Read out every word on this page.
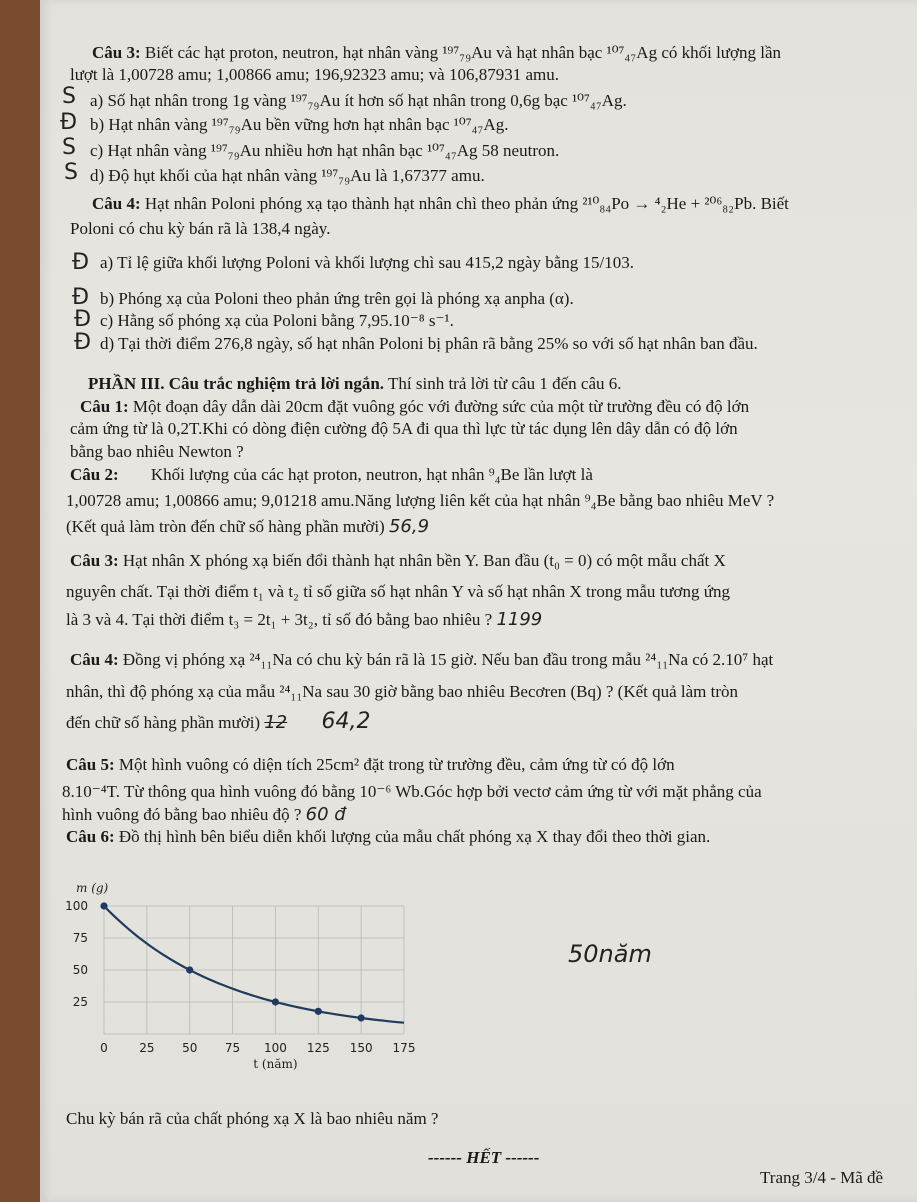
Câu 3: Biết các hạt proton, neutron, hạt nhân vàng ¹⁹⁷₇₉Au và hạt nhân bạc ¹⁰⁷₄₇Ag có khối lượng lần
lượt là 1,00728 amu; 1,00866 amu; 196,92323 amu; và 106,87931 amu.
a) Số hạt nhân trong 1g vàng ¹⁹⁷₇₉Au ít hơn số hạt nhân trong 0,6g bạc ¹⁰⁷₄₇Ag.
b) Hạt nhân vàng ¹⁹⁷₇₉Au bền vững hơn hạt nhân bạc ¹⁰⁷₄₇Ag.
c) Hạt nhân vàng ¹⁹⁷₇₉Au nhiều hơn hạt nhân bạc ¹⁰⁷₄₇Ag 58 neutron.
d) Độ hụt khối của hạt nhân vàng ¹⁹⁷₇₉Au là 1,67377 amu.
S
Đ
S
S
Câu 4: Hạt nhân Poloni phóng xạ tạo thành hạt nhân chì theo phản ứng ²¹⁰₈₄Po → ⁴₂He + ²⁰⁶₈₂Pb. Biết
Poloni có chu kỳ bán rã là 138,4 ngày.
a) Tỉ lệ giữa khối lượng Poloni và khối lượng chì sau 415,2 ngày bằng 15/103.
b) Phóng xạ của Poloni theo phản ứng trên gọi là phóng xạ anpha (α).
c) Hằng số phóng xạ của Poloni bằng 7,95.10⁻⁸ s⁻¹.
d) Tại thời điểm 276,8 ngày, số hạt nhân Poloni bị phân rã bằng 25% so với số hạt nhân ban đầu.
Đ
Đ
Đ
Đ
PHẦN III. Câu trắc nghiệm trả lời ngắn. Thí sinh trả lời từ câu 1 đến câu 6.
Câu 1: Một đoạn dây dẫn dài 20cm đặt vuông góc với đường sức của một từ trường đều có độ lớn
cảm ứng từ là 0,2T.Khi có dòng điện cường độ 5A đi qua thì lực từ tác dụng lên dây dẫn có độ lớn
bằng bao nhiêu Newton ?
Câu 2: Khối lượng của các hạt proton, neutron, hạt nhân ⁹₄Be lần lượt là
1,00728 amu; 1,00866 amu; 9,01218 amu.Năng lượng liên kết của hạt nhân ⁹₄Be bằng bao nhiêu MeV ?
(Kết quả làm tròn đến chữ số hàng phần mười) 56,9
Câu 3: Hạt nhân X phóng xạ biến đổi thành hạt nhân bền Y. Ban đầu (t₀ = 0) có một mẫu chất X
nguyên chất. Tại thời điểm t₁ và t₂ tỉ số giữa số hạt nhân Y và số hạt nhân X trong mẫu tương ứng
là 3 và 4. Tại thời điểm t₃ = 2t₁ + 3t₂, tỉ số đó bằng bao nhiêu ? 1199
Câu 4: Đồng vị phóng xạ ²⁴₁₁Na có chu kỳ bán rã là 15 giờ. Nếu ban đầu trong mẫu ²⁴₁₁Na có 2.10⁷ hạt
nhân, thì độ phóng xạ của mẫu ²⁴₁₁Na sau 30 giờ bằng bao nhiêu Becơren (Bq) ? (Kết quả làm tròn
đến chữ số hàng phần mười) 12 64,2
Câu 5: Một hình vuông có diện tích 25cm² đặt trong từ trường đều, cảm ứng từ có độ lớn
8.10⁻⁴T. Từ thông qua hình vuông đó bằng 10⁻⁶ Wb.Góc hợp bởi vectơ cảm ứng từ với mặt phẳng của
hình vuông đó bằng bao nhiêu độ ? 60 đ
Câu 6: Đồ thị hình bên biểu diễn khối lượng của mẫu chất phóng xạ X thay đổi theo thời gian.
0	25 50 75 100 125 150 175
100
75
50
25
m (g)
t (năm)
50năm
Chu kỳ bán rã của chất phóng xạ X là bao nhiêu năm ?
------ HẾT ------
Trang 3/4 - Mã đề
